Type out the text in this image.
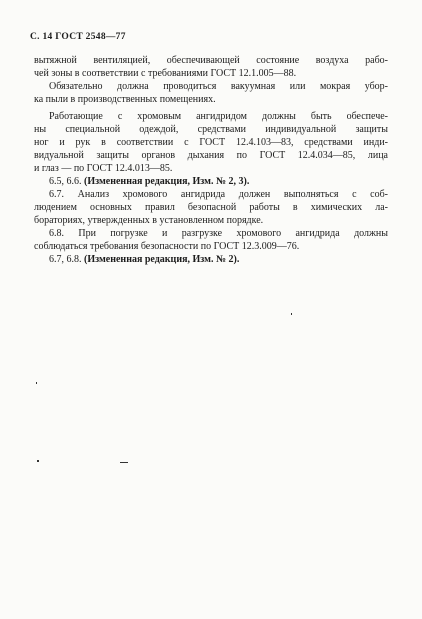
С. 14 ГОСТ 2548—77
вытяжной вентиляцией, обеспечивающей состояние воздуха рабо-
чей зоны в соответствии с требованиями ГОСТ 12.1.005—88.
Обязательно должна проводиться вакуумная или мокрая убор-
ка пыли в производственных помещениях.
Работающие с хромовым ангидридом должны быть обеспече-
ны специальной одеждой, средствами индивидуальной защиты
ног и рук в соответствии с ГОСТ 12.4.103—83, средствами инди-
видуальной защиты органов дыхания по ГОСТ 12.4.034—85, лица
и глаз — по ГОСТ 12.4.013—85.
6.5, 6.6. (Измененная редакция, Изм. № 2, 3).
6.7. Анализ хромового ангидрида должен выполняться с соб-
людением основных правил безопасной работы в химических ла-
бораториях, утвержденных в установленном порядке.
6.8. При погрузке и разгрузке хромового ангидрида должны
соблюдаться требования безопасности по ГОСТ 12.3.009—76.
6.7, 6.8. (Измененная редакция, Изм. № 2).
